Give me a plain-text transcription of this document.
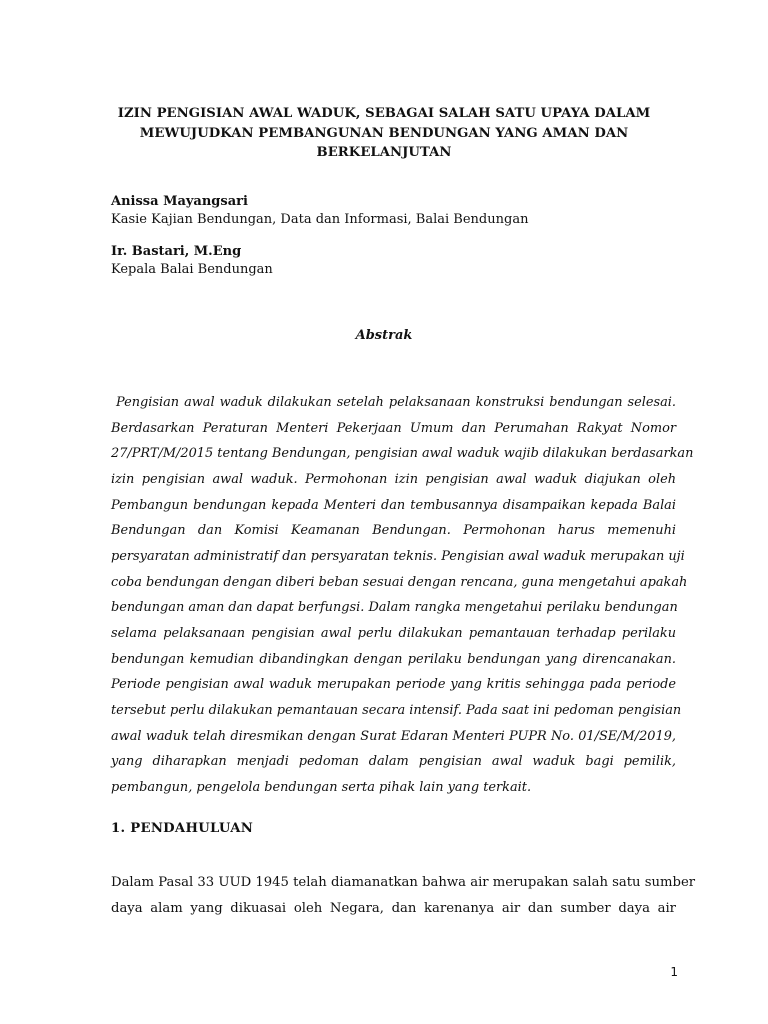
IZIN PENGISIAN AWAL WADUK, SEBAGAI SALAH SATU UPAYA DALAM
MEWUJUDKAN PEMBANGUNAN BENDUNGAN YANG AMAN DAN
BERKELANJUTAN
Anissa Mayangsari
Kasie Kajian Bendungan, Data dan Informasi, Balai Bendungan
Ir. Bastari, M.Eng
Kepala Balai Bendungan
Abstrak
Pengisian awal waduk dilakukan setelah pelaksanaan konstruksi bendungan selesai.
Berdasarkan Peraturan Menteri Pekerjaan Umum dan Perumahan Rakyat Nomor
27/PRT/M/2015 tentang Bendungan, pengisian awal waduk wajib dilakukan berdasarkan
izin pengisian awal waduk. Permohonan izin pengisian awal waduk diajukan oleh
Pembangun bendungan kepada Menteri dan tembusannya disampaikan kepada Balai
Bendungan dan Komisi Keamanan Bendungan. Permohonan harus memenuhi
persyaratan administratif dan persyaratan teknis. Pengisian awal waduk merupakan uji
coba bendungan dengan diberi beban sesuai dengan rencana, guna mengetahui apakah
bendungan aman dan dapat berfungsi. Dalam rangka mengetahui perilaku bendungan
selama pelaksanaan pengisian awal perlu dilakukan pemantauan terhadap perilaku
bendungan kemudian dibandingkan dengan perilaku bendungan yang direncanakan.
Periode pengisian awal waduk merupakan periode yang kritis sehingga pada periode
tersebut perlu dilakukan pemantauan secara intensif. Pada saat ini pedoman pengisian
awal waduk telah diresmikan dengan Surat Edaran Menteri PUPR No. 01/SE/M/2019,
yang diharapkan menjadi pedoman dalam pengisian awal waduk bagi pemilik,
pembangun, pengelola bendungan serta pihak lain yang terkait.
1. PENDAHULUAN
Dalam Pasal 33 UUD 1945 telah diamanatkan bahwa air merupakan salah satu sumber
daya alam yang dikuasai oleh Negara, dan karenanya air dan sumber daya air
1
